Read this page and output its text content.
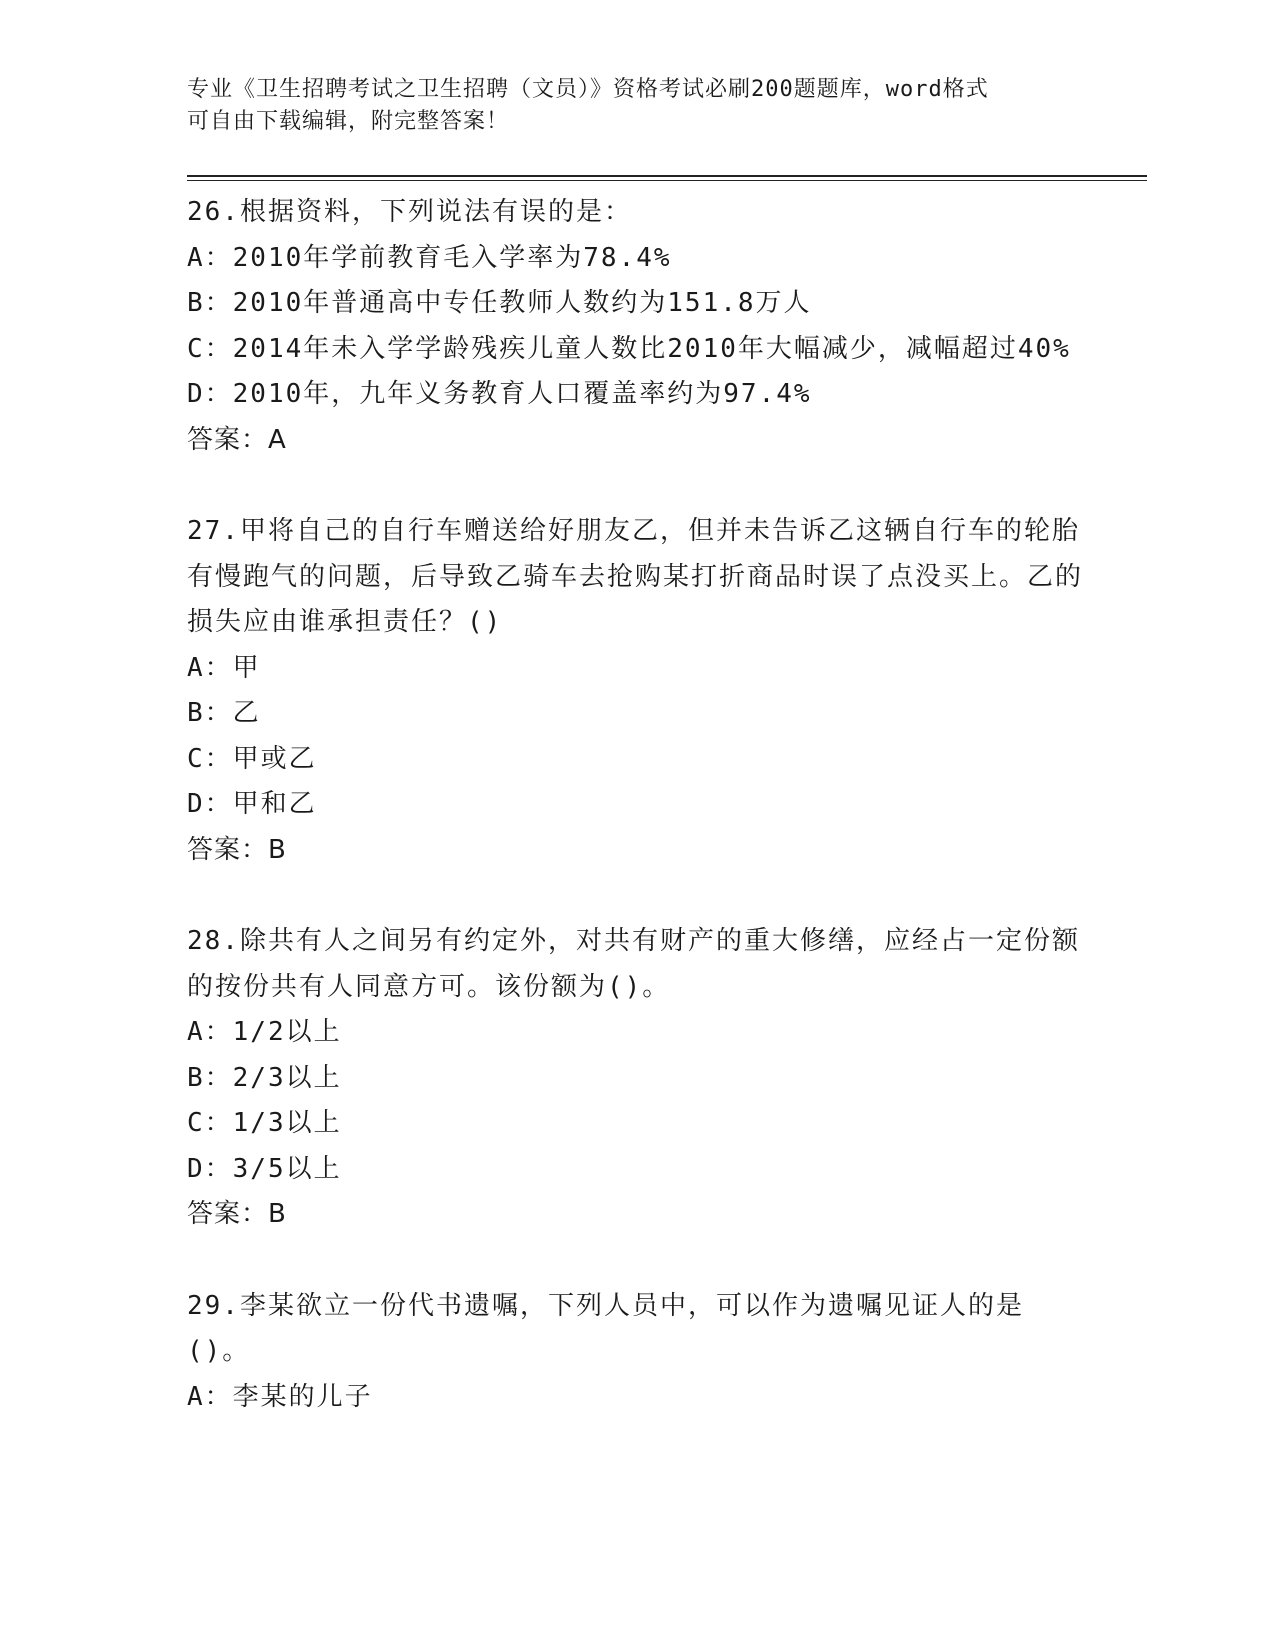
专业《卫生招聘考试之卫生招聘（文员）》资格考试必刷200题题库，word格式
可自由下载编辑，附完整答案！
26.根据资料，下列说法有误的是：
A：2010年学前教育毛入学率为78.4%
B：2010年普通高中专任教师人数约为151.8万人
C：2014年未入学学龄残疾儿童人数比2010年大幅减少，减幅超过40%
D：2010年，九年义务教育人口覆盖率约为97.4%
答案：A
27.甲将自己的自行车赠送给好朋友乙，但并未告诉乙这辆自行车的轮胎有慢跑气的问题，后导致乙骑车去抢购某打折商品时误了点没买上。乙的损失应由谁承担责任？()
A：甲
B：乙
C：甲或乙
D：甲和乙
答案：B
28.除共有人之间另有约定外，对共有财产的重大修缮，应经占一定份额的按份共有人同意方可。该份额为()。
A：1/2以上
B：2/3以上
C：1/3以上
D：3/5以上
答案：B
29.李某欲立一份代书遗嘱，下列人员中，可以作为遗嘱见证人的是()。
A：李某的儿子
